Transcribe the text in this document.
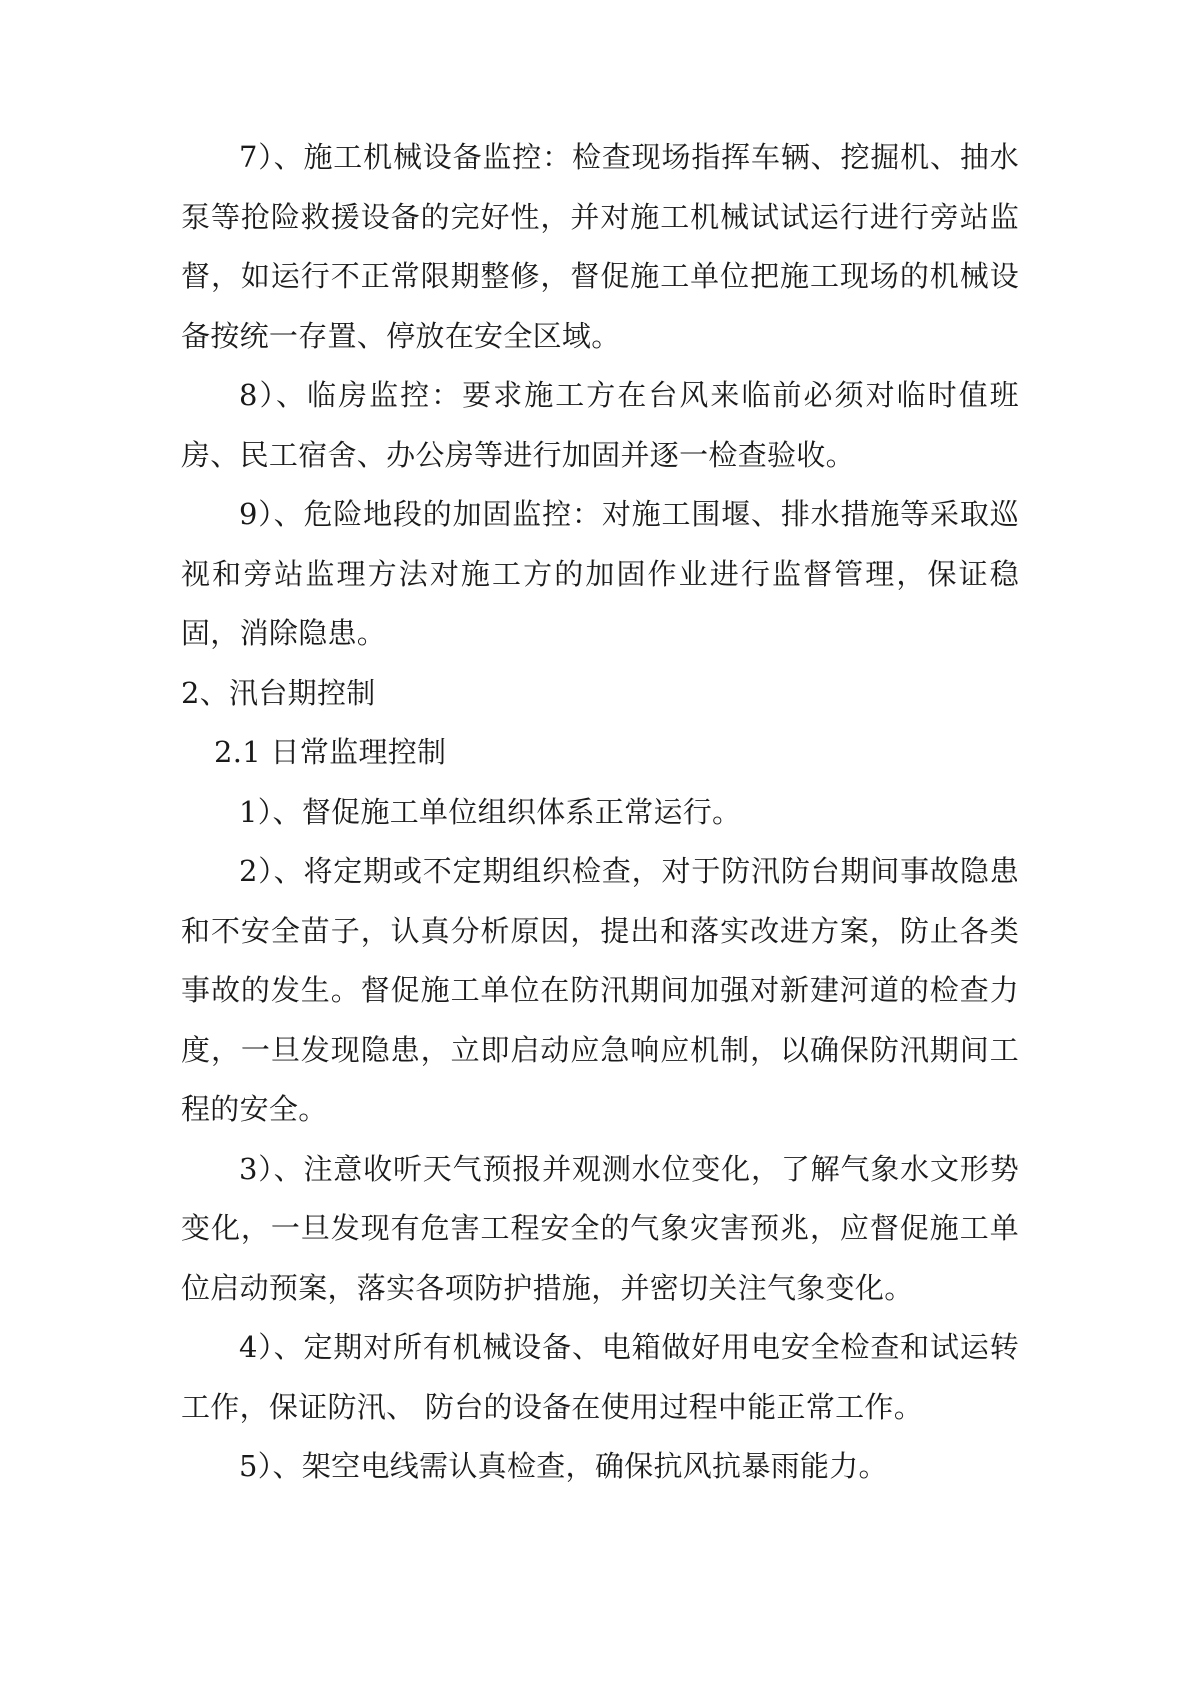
7）、施工机械设备监控：检查现场指挥车辆、挖掘机、抽水泵等抢险救援设备的完好性，并对施工机械试试运行进行旁站监督，如运行不正常限期整修，督促施工单位把施工现场的机械设备按统一存置、停放在安全区域。

8）、临房监控：要求施工方在台风来临前必须对临时值班房、民工宿舍、办公房等进行加固并逐一检查验收。

9）、危险地段的加固监控：对施工围堰、排水措施等采取巡视和旁站监理方法对施工方的加固作业进行监督管理，保证稳固，消除隐患。

2、汛台期控制

2.1 日常监理控制

1）、督促施工单位组织体系正常运行。

2）、将定期或不定期组织检查，对于防汛防台期间事故隐患和不安全苗子，认真分析原因，提出和落实改进方案，防止各类事故的发生。督促施工单位在防汛期间加强对新建河道的检查力度，一旦发现隐患，立即启动应急响应机制，以确保防汛期间工程的安全。

3）、注意收听天气预报并观测水位变化，了解气象水文形势变化，一旦发现有危害工程安全的气象灾害预兆，应督促施工单位启动预案，落实各项防护措施，并密切关注气象变化。

4）、定期对所有机械设备、电箱做好用电安全检查和试运转工作，保证防汛、 防台的设备在使用过程中能正常工作。

5）、架空电线需认真检查，确保抗风抗暴雨能力。
